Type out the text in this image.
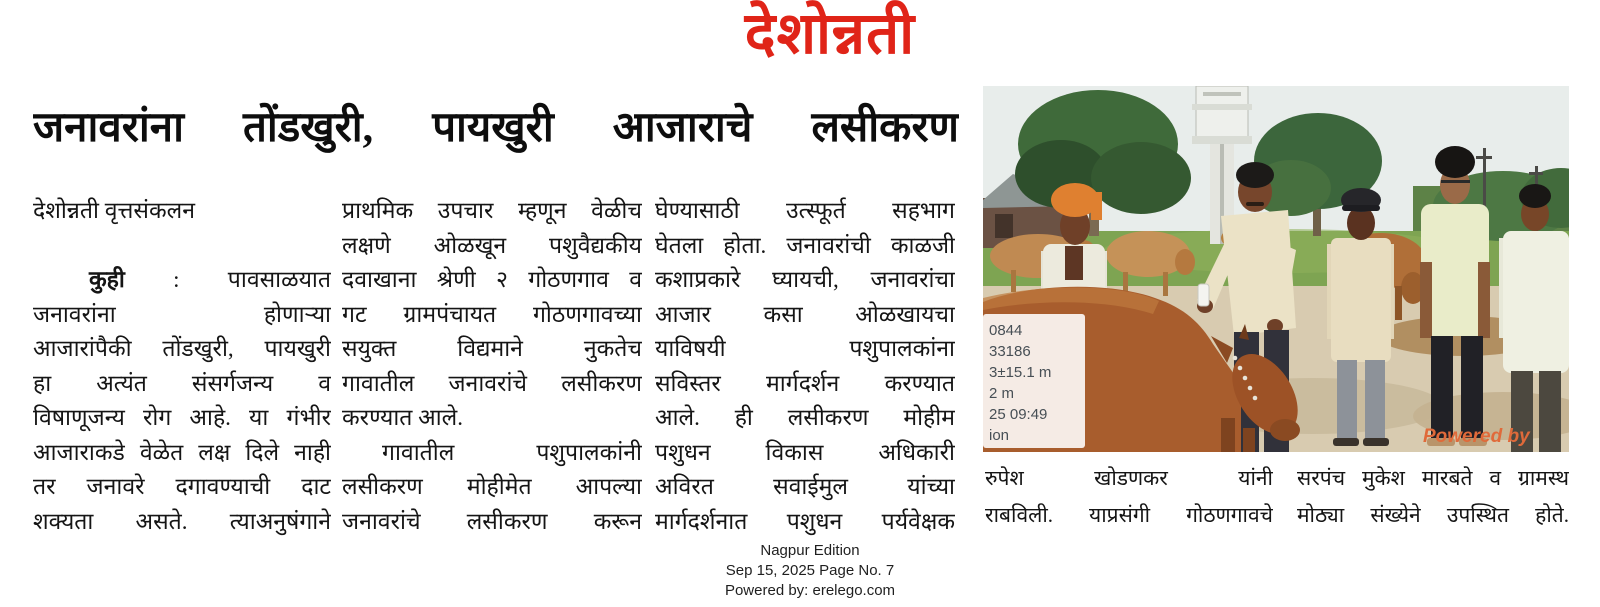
देशोन्नती
जनावरांना तोंडखुरी, पायखुरी आजाराचे लसीकरण
देशोन्नती वृत्तसंकलन
कुही : पावसाळयात
जनावरांना होणाऱ्या
आजारांपैकी तोंडखुरी, पायखुरी
हा अत्यंत संसर्गजन्य व
विषाणूजन्य रोग आहे. या गंभीर
आजाराकडे वेळेत लक्ष दिले नाही
तर जनावरे दगावण्याची दाट
शक्यता असते. त्याअनुषंगाने
प्राथमिक उपचार म्हणून वेळीच
लक्षणे ओळखून पशुवैद्यकीय
दवाखाना श्रेणी २ गोठणगाव व
गट ग्रामपंचायत गोठणगावच्या
सयुक्त विद्यमाने नुकतेच
गावातील जनावरांचे लसीकरण
करण्यात आले.
गावातील पशुपालकांनी
लसीकरण मोहीमेत आपल्या
जनावरांचे लसीकरण करून
घेण्यासाठी उत्स्फूर्त सहभाग
घेतला होता. जनावरांची काळजी
कशाप्रकारे घ्यायची, जनावरांचा
आजार कसा ओळखायचा
याविषयी पशुपालकांना
सविस्तर मार्गदर्शन करण्यात
आले. ही लसीकरण मोहीम
पशुधन विकास अधिकारी
अविरत सवाईमुल यांच्या
मार्गदर्शनात पशुधन पर्यवेक्षक
0844
33186
3±15.1 m
2 m
25 09:49
ion	Powered by
रुपेश खोडणकर यांनी
राबविली. याप्रसंगी गोठणगावचे
सरपंच मुकेश मारबते व ग्रामस्थ
मोठ्या संख्येने उपस्थित होते.
Nagpur Edition
Sep 15, 2025 Page No. 7
Powered by: erelego.com
